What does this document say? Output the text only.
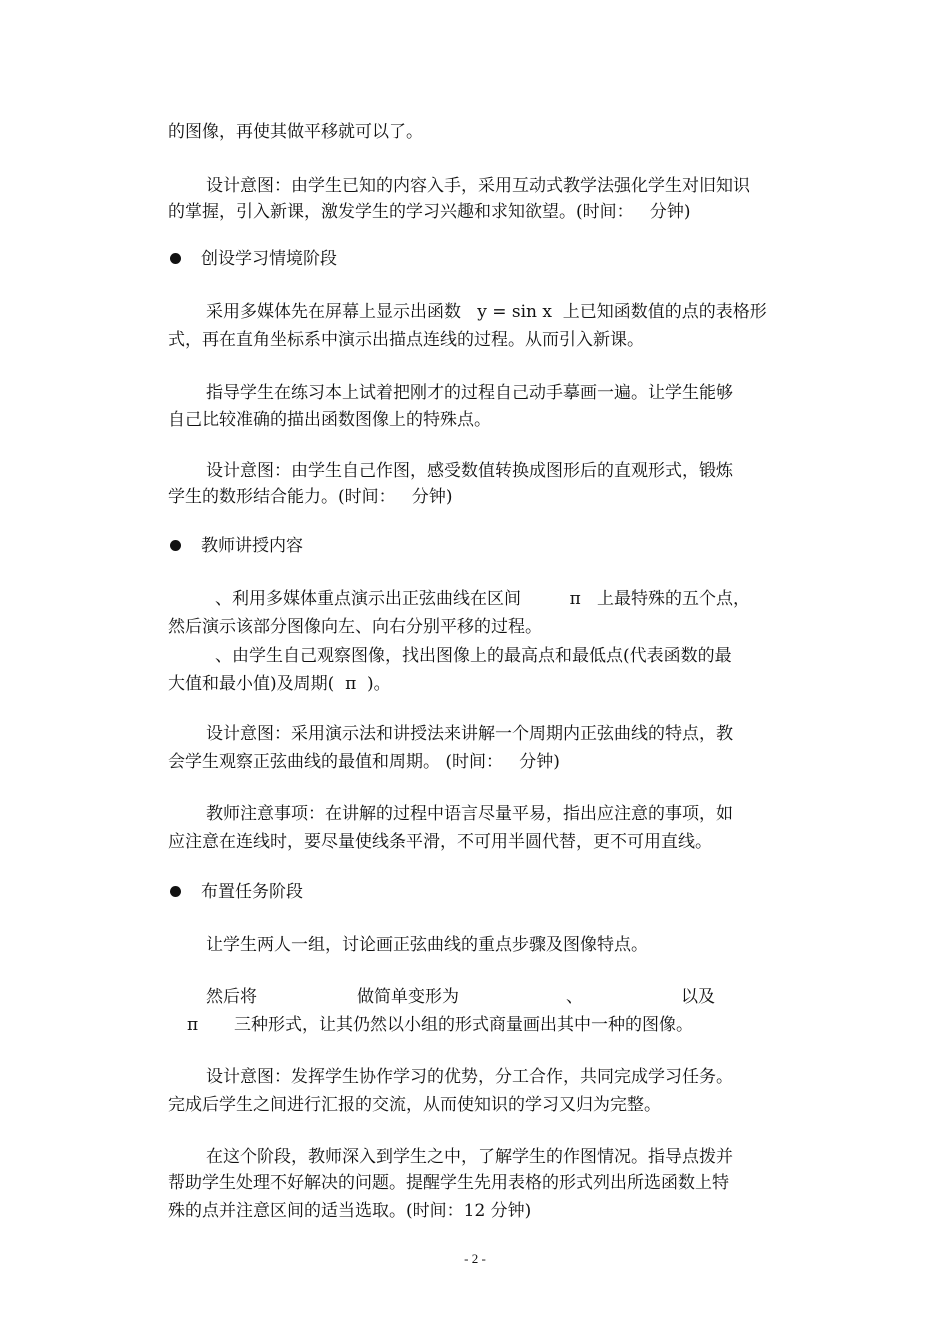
的图像，再使其做平移就可以了。
设计意图：由学生已知的内容入手，采用互动式教学法强化学生对旧知识
的掌握，引入新课，激发学生的学习兴趣和求知欲望。(时间：   分钟)
创设学习情境阶段
采用多媒体先在屏幕上显示出函数   y = sin x  上已知函数值的点的表格形
式，再在直角坐标系中演示出描点连线的过程。从而引入新课。
指导学生在练习本上试着把刚才的过程自己动手摹画一遍。让学生能够
自己比较准确的描出函数图像上的特殊点。
设计意图：由学生自己作图，感受数值转换成图形后的直观形式，锻炼
学生的数形结合能力。(时间：   分钟)
教师讲授内容
、利用多媒体重点演示出正弦曲线在区间         π   上最特殊的五个点，
然后演示该部分图像向左、向右分别平移的过程。
、由学生自己观察图像，找出图像上的最高点和最低点(代表函数的最
大值和最小值)及周期(  π  )。
设计意图：采用演示法和讲授法来讲解一个周期内正弦曲线的特点，教
会学生观察正弦曲线的最值和周期。 (时间：   分钟)
教师注意事项：在讲解的过程中语言尽量平易，指出应注意的事项，如
应注意在连线时，要尽量使线条平滑，不可用半圆代替，更不可用直线。
布置任务阶段
让学生两人一组，讨论画正弦曲线的重点步骤及图像特点。
然后将	做简单变形为	、	以及
π 三种形式，让其仍然以小组的形式商量画出其中一种的图像。
设计意图：发挥学生协作学习的优势，分工合作，共同完成学习任务。
完成后学生之间进行汇报的交流，从而使知识的学习又归为完整。
在这个阶段，教师深入到学生之中，了解学生的作图情况。指导点拨并
帮助学生处理不好解决的问题。提醒学生先用表格的形式列出所选函数上特
殊的点并注意区间的适当选取。(时间：12 分钟)
- 2 -
